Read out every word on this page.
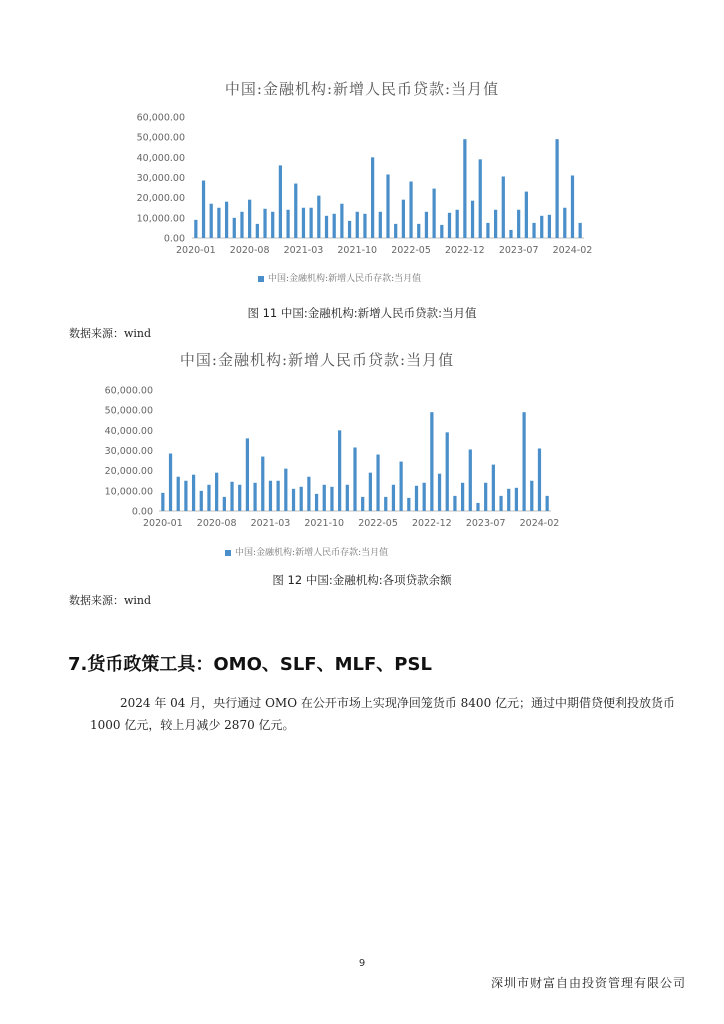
中国:金融机构:新增人民币贷款:当月值
60,000.00
50,000.00
40,000.00
30,000.00
20,000.00
10,000.00
0.00
2020-01 2020-08 2021-03 2021-10 2022-05 2022-12 2023-07 2024-02
中国:金融机构:新增人民币存款:当月值
图 11 中国:金融机构:新增人民币贷款:当月值
数据来源：wind
中国:金融机构:新增人民币贷款:当月值
60,000.00
50,000.00
40,000.00
30,000.00
20,000.00
10,000.00
0.00
2020-01 2020-08 2021-03 2021-10 2022-05 2022-12 2023-07 2024-02
中国:金融机构:新增人民币存款:当月值
图 12 中国:金融机构:各项贷款余额
数据来源：wind
7.货币政策工具：OMO、SLF、MLF、PSL
2024 年 04 月，央行通过 OMO 在公开市场上实现净回笼货币 8400 亿元；通过中期借贷便利投放货币 1000 亿元，较上月减少 2870 亿元。
9
深圳市财富自由投资管理有限公司
